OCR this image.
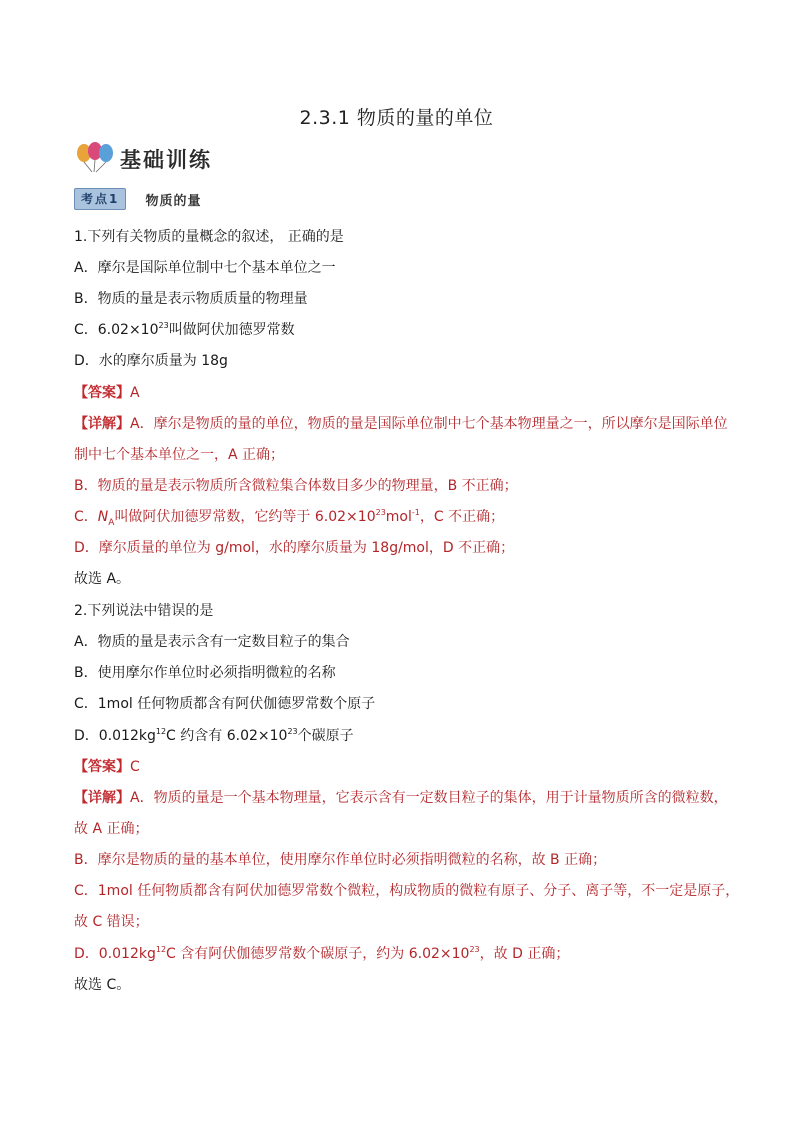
2.3.1 物质的量的单位
基础训练
考点1 物质的量
1.下列有关物质的量概念的叙述， 正确的是
A．摩尔是国际单位制中七个基本单位之一
B．物质的量是表示物质质量的物理量
C．$6.02\times 10^{23}$叫做阿伏加德罗常数
D．水的摩尔质量为 18g
【答案】A
【详解】A．摩尔是物质的量的单位，物质的量是国际单位制中七个基本物理量之一，所以摩尔是国际单位
制中七个基本单位之一，A 正确；
B．物质的量是表示物质所含微粒集合体数目多少的物理量，B 不正确；
C．$N_A$叫做阿伏加德罗常数，它约等于 $6.02\times 10^{23}mol^{-1}$，C 不正确；
D．摩尔质量的单位为 g/mol，水的摩尔质量为 18g/mol，D 不正确；
故选 A。
2.下列说法中错误的是
A．物质的量是表示含有一定数目粒子的集合
B．使用摩尔作单位时必须指明微粒的名称
C．1mol 任何物质都含有阿伏伽德罗常数个原子
D．$0.012kg^{12}C$ 约含有 $6.02\times 10^{23}$个碳原子
【答案】C
【详解】A．物质的量是一个基本物理量，它表示含有一定数目粒子的集体，用于计量物质所含的微粒数，
故 A 正确；
B．摩尔是物质的量的基本单位，使用摩尔作单位时必须指明微粒的名称，故 B 正确；
C．1mol 任何物质都含有阿伏加德罗常数个微粒，构成物质的微粒有原子、分子、离子等，不一定是原子，
故 C 错误；
D．$0.012kg^{12}C$ 含有阿伏伽德罗常数个碳原子，约为 $6.02\times 10^{23}$，故 D 正确；
故选 C。
